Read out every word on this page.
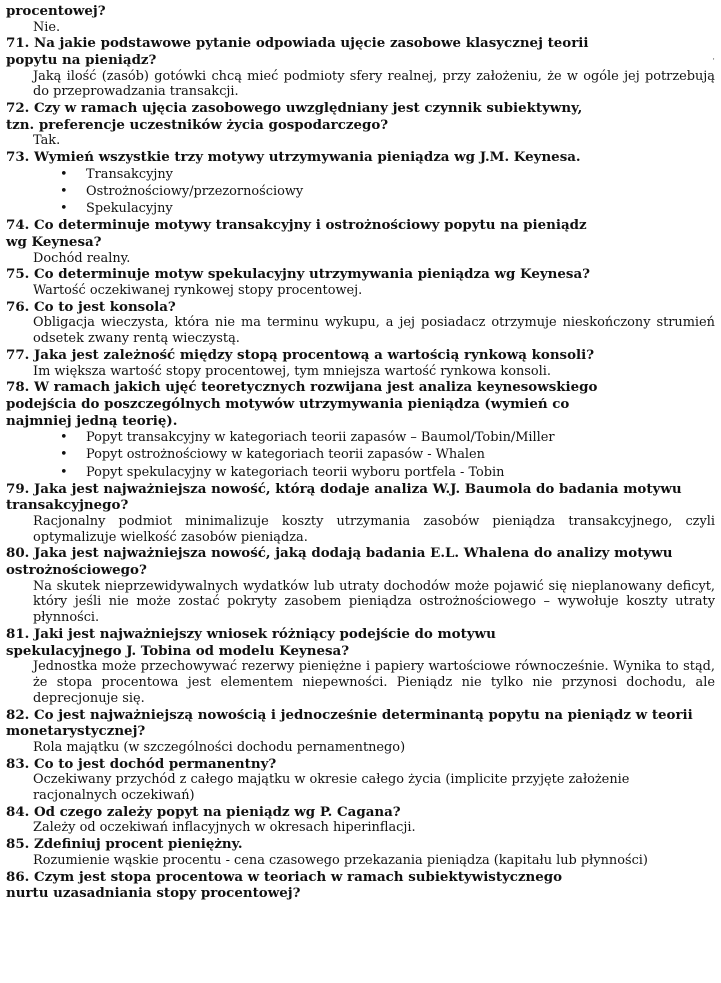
·
procentowej?
Nie.
71. Na jakie podstawowe pytanie odpowiada ujęcie zasobowe klasycznej teorii popytu na pieniądz?
Jaką ilość (zasób) gotówki chcą mieć podmioty sfery realnej, przy założeniu, że w ogóle jej potrzebują do przeprowadzania transakcji.
72. Czy w ramach ujęcia zasobowego uwzględniany jest czynnik subiektywny, tzn. preferencje uczestników życia gospodarczego?
Tak.
73. Wymień wszystkie trzy motywy utrzymywania pieniądza wg J.M. Keynesa.
• Transakcyjny
• Ostrożnościowy/przezornościowy
• Spekulacyjny
74. Co determinuje motywy transakcyjny i ostrożnościowy popytu na pieniądz wg Keynesa?
Dochód realny.
75. Co determinuje motyw spekulacyjny utrzymywania pieniądza wg Keynesa?
Wartość oczekiwanej rynkowej stopy procentowej.
76. Co to jest konsola?
Obligacja wieczysta, która nie ma terminu wykupu, a jej posiadacz otrzymuje nieskończony strumień odsetek zwany rentą wieczystą.
77. Jaka jest zależność między stopą procentową a wartością rynkową konsoli?
Im większa wartość stopy procentowej, tym mniejsza wartość rynkowa konsoli.
78. W ramach jakich ujęć teoretycznych rozwijana jest analiza keynesowskiego podejścia do poszczególnych motywów utrzymywania pieniądza (wymień co najmniej jedną teorię).
• Popyt transakcyjny w kategoriach teorii zapasów – Baumol/Tobin/Miller
• Popyt ostrożnościowy w kategoriach teorii zapasów - Whalen
• Popyt spekulacyjny w kategoriach teorii wyboru portfela - Tobin
79. Jaka jest najważniejsza nowość, którą dodaje analiza W.J. Baumola do badania motywu transakcyjnego?
Racjonalny podmiot minimalizuje koszty utrzymania zasobów pieniądza transakcyjnego, czyli optymalizuje wielkość zasobów pieniądza.
80. Jaka jest najważniejsza nowość, jaką dodają badania E.L. Whalena do analizy motywu ostrożnościowego?
Na skutek nieprzewidywalnych wydatków lub utraty dochodów może pojawić się nieplanowany deficyt, który jeśli nie może zostać pokryty zasobem pieniądza ostrożnościowego – wywołuje koszty utraty płynności.
81. Jaki jest najważniejszy wniosek różniący podejście do motywu spekulacyjnego J. Tobina od modelu Keynesa?
Jednostka może przechowywać rezerwy pieniężne i papiery wartościowe równocześnie. Wynika to stąd, że stopa procentowa jest elementem niepewności. Pieniądz nie tylko nie przynosi dochodu, ale deprecjonuje się.
82. Co jest najważniejszą nowością i jednocześnie determinantą popytu na pieniądz w teorii monetarystycznej?
Rola majątku (w szczególności dochodu pernamentnego)
83. Co to jest dochód permanentny?
Oczekiwany przychód z całego majątku w okresie całego życia (implicite przyjęte założenie racjonalnych oczekiwań)
84. Od czego zależy popyt na pieniądz wg P. Cagana?
Zależy od oczekiwań inflacyjnych w okresach hiperinflacji.
85. Zdefiniuj procent pieniężny.
Rozumienie wąskie procentu - cena czasowego przekazania pieniądza (kapitału lub płynności)
86. Czym jest stopa procentowa w teoriach w ramach subiektywistycznego nurtu uzasadniania stopy procentowej?
